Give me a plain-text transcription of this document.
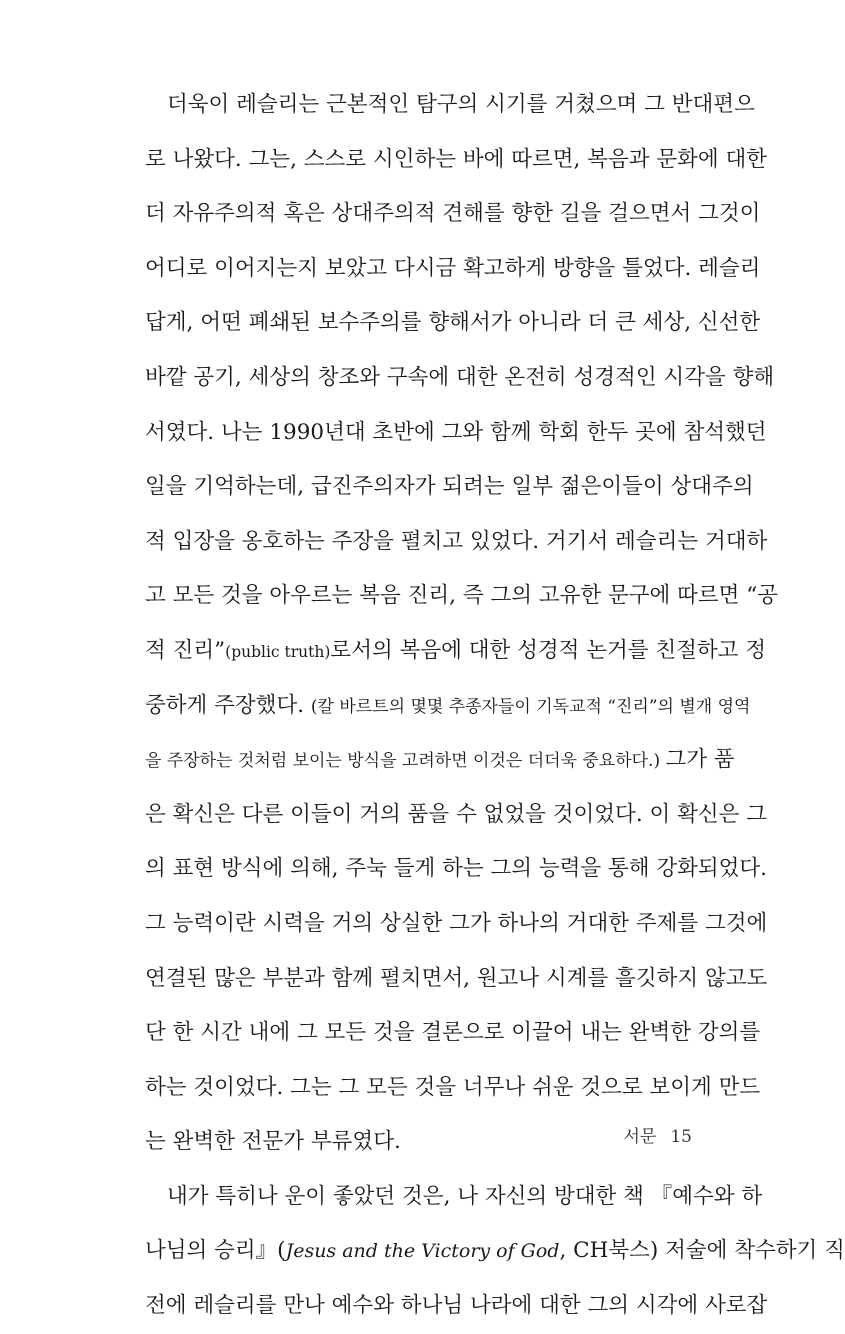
더욱이 레슬리는 근본적인 탐구의 시기를 거쳤으며 그 반대편으
로 나왔다. 그는, 스스로 시인하는 바에 따르면, 복음과 문화에 대한
더 자유주의적 혹은 상대주의적 견해를 향한 길을 걸으면서 그것이
어디로 이어지는지 보았고 다시금 확고하게 방향을 틀었다. 레슬리
답게, 어떤 폐쇄된 보수주의를 향해서가 아니라 더 큰 세상, 신선한
바깥 공기, 세상의 창조와 구속에 대한 온전히 성경적인 시각을 향해
서였다. 나는 1990년대 초반에 그와 함께 학회 한두 곳에 참석했던
일을 기억하는데, 급진주의자가 되려는 일부 젊은이들이 상대주의
적 입장을 옹호하는 주장을 펼치고 있었다. 거기서 레슬리는 거대하
고 모든 것을 아우르는 복음 진리, 즉 그의 고유한 문구에 따르면 “공
적 진리”(public truth)로서의 복음에 대한 성경적 논거를 친절하고 정
중하게 주장했다. (칼 바르트의 몇몇 추종자들이 기독교적 “진리”의 별개 영역
을 주장하는 것처럼 보이는 방식을 고려하면 이것은 더더욱 중요하다.) 그가 품
은 확신은 다른 이들이 거의 품을 수 없었을 것이었다. 이 확신은 그
의 표현 방식에 의해, 주눅 들게 하는 그의 능력을 통해 강화되었다.
그 능력이란 시력을 거의 상실한 그가 하나의 거대한 주제를 그것에
연결된 많은 부분과 함께 펼치면서, 원고나 시계를 흘깃하지 않고도
단 한 시간 내에 그 모든 것을 결론으로 이끌어 내는 완벽한 강의를
하는 것이었다. 그는 그 모든 것을 너무나 쉬운 것으로 보이게 만드
는 완벽한 전문가 부류였다.
내가 특히나 운이 좋았던 것은, 나 자신의 방대한 책 『예수와 하
나님의 승리』(Jesus and the Victory of God, CH북스) 저술에 착수하기 직
전에 레슬리를 만나 예수와 하나님 나라에 대한 그의 시각에 사로잡
서문 15
